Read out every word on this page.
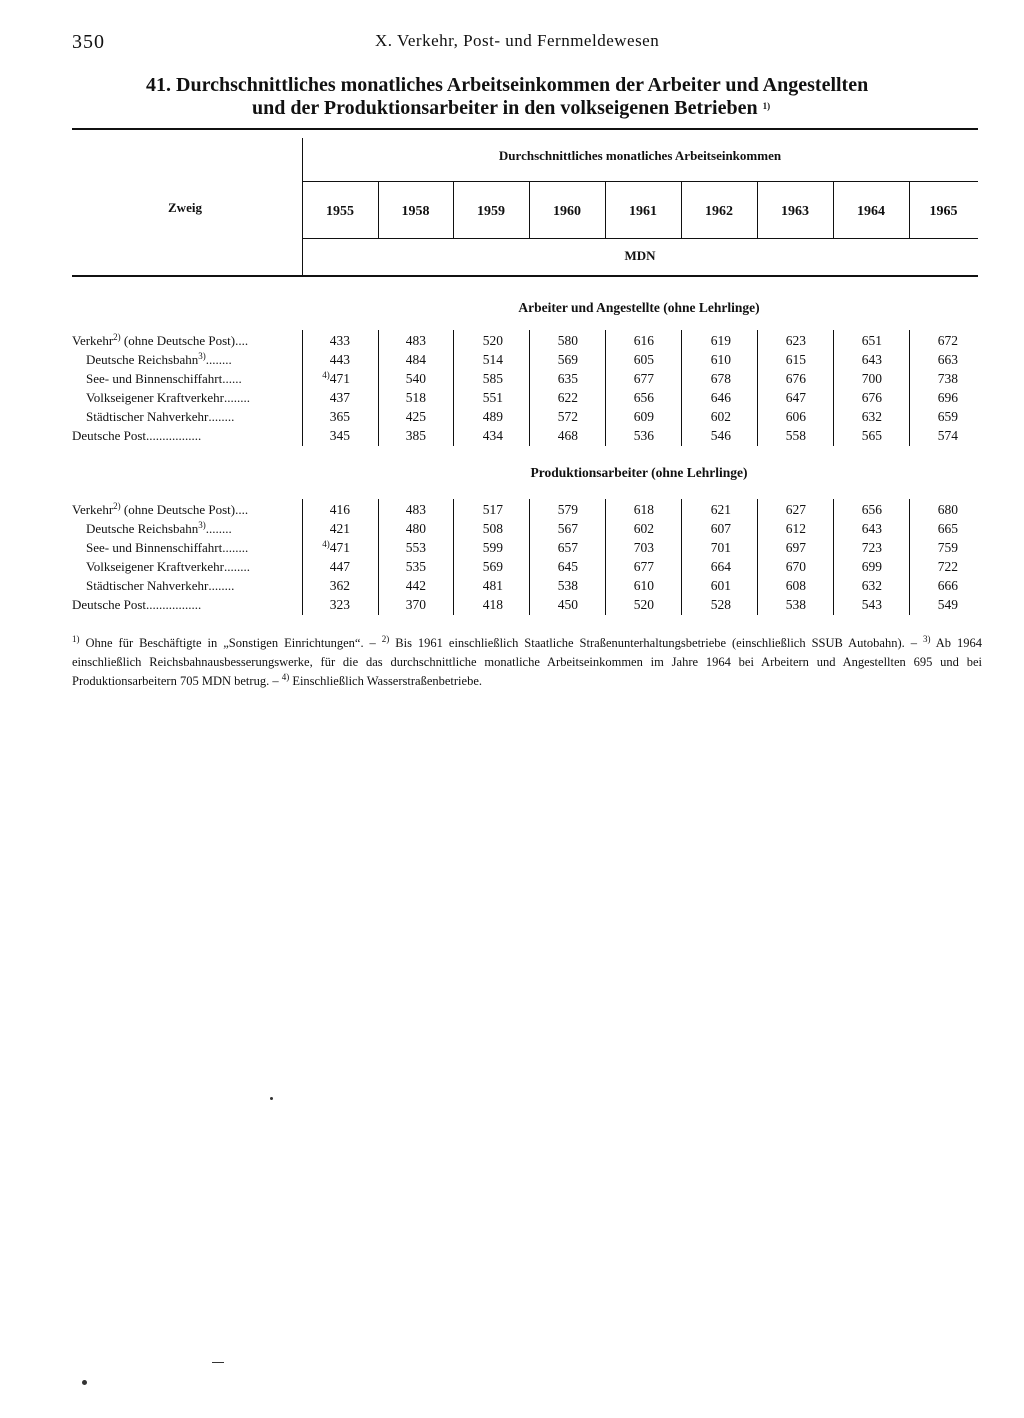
350	X. Verkehr, Post- und Fernmeldewesen
41. Durchschnittliches monatliches Arbeitseinkommen der Arbeiter und Angestellten
und der Produktionsarbeiter in den volkseigenen Betrieben $^{1)}$
Zweig
Durchschnittliches monatliches Arbeitseinkommen
MDN
1955	1958	1959	1960	1961	1962	1963	1964	1965
Arbeiter und Angestellte (ohne Lehrlinge)
Produktionsarbeiter (ohne Lehrlinge)
Verkehr$^{2)}$ (ohne Deutsche Post)....	433	483	520	580	616	619	623	651	672
Deutsche Reichsbahn$^{3)}$........	443	484	514	569	605	610	615	643	663
See- und Binnenschiffahrt......	$^{4)}$471	540	585	635	677	678	676	700	738
Volkseigener Kraftverkehr........	437	518	551	622	656	646	647	676	696
Städtischer Nahverkehr........	365	425	489	572	609	602	606	632	659
Deutsche Post.................	345	385	434	468	536	546	558	565	574
Verkehr$^{2)}$ (ohne Deutsche Post)....	416	483	517	579	618	621	627	656	680
Deutsche Reichsbahn$^{3)}$........	421	480	508	567	602	607	612	643	665
See- und Binnenschiffahrt........	$^{4)}$471	553	599	657	703	701	697	723	759
Volkseigener Kraftverkehr........	447	535	569	645	677	664	670	699	722
Städtischer Nahverkehr........	362	442	481	538	610	601	608	632	666
Deutsche Post.................	323	370	418	450	520	528	538	543	549
$^{1)}$ Ohne für Beschäftigte in „Sonstigen Einrichtungen“. – $^{2)}$ Bis 1961 einschließlich Staatliche Straßenunterhaltungsbetriebe (einschließlich SSUB Autobahn). – $^{3)}$ Ab 1964 einschließlich Reichsbahnausbesserungswerke, für die das durchschnittliche monatliche Arbeitseinkommen im Jahre 1964 bei Arbeitern und Angestellten 695 und bei Produktionsarbeitern 705 MDN betrug. – $^{4)}$ Einschließlich Wasserstraßenbetriebe.
